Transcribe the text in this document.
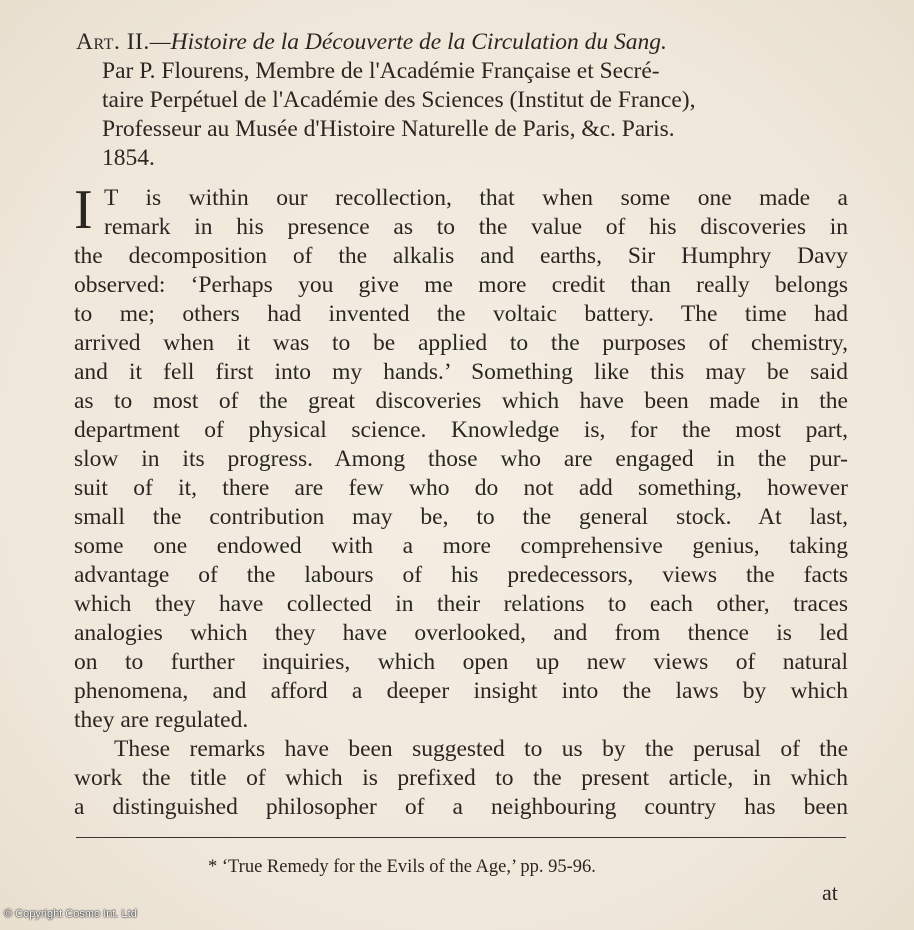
Art. II.—Histoire de la Découverte de la Circulation du Sang.
Par P. Flourens, Membre de l'Académie Française et Secré-
taire Perpétuel de l'Académie des Sciences (Institut de France),
Professeur au Musée d'Histoire Naturelle de Paris, &c. Paris.
1854.
I T is within our recollection, that when some one made a
remark in his presence as to the value of his discoveries in
the decomposition of the alkalis and earths, Sir Humphry Davy
observed: ‘Perhaps you give me more credit than really belongs
to me; others had invented the voltaic battery. The time had
arrived when it was to be applied to the purposes of chemistry,
and it fell first into my hands.’ Something like this may be said
as to most of the great discoveries which have been made in the
department of physical science. Knowledge is, for the most part,
slow in its progress. Among those who are engaged in the pur-
suit of it, there are few who do not add something, however
small the contribution may be, to the general stock. At last,
some one endowed with a more comprehensive genius, taking
advantage of the labours of his predecessors, views the facts
which they have collected in their relations to each other, traces
analogies which they have overlooked, and from thence is led
on to further inquiries, which open up new views of natural
phenomena, and afford a deeper insight into the laws by which
they are regulated.
These remarks have been suggested to us by the perusal of the
work the title of which is prefixed to the present article, in which
a distinguished philosopher of a neighbouring country has been
* ‘True Remedy for the Evils of the Age,’ pp. 95-96.
at
© Copyright Cosmo Int. Ltd
